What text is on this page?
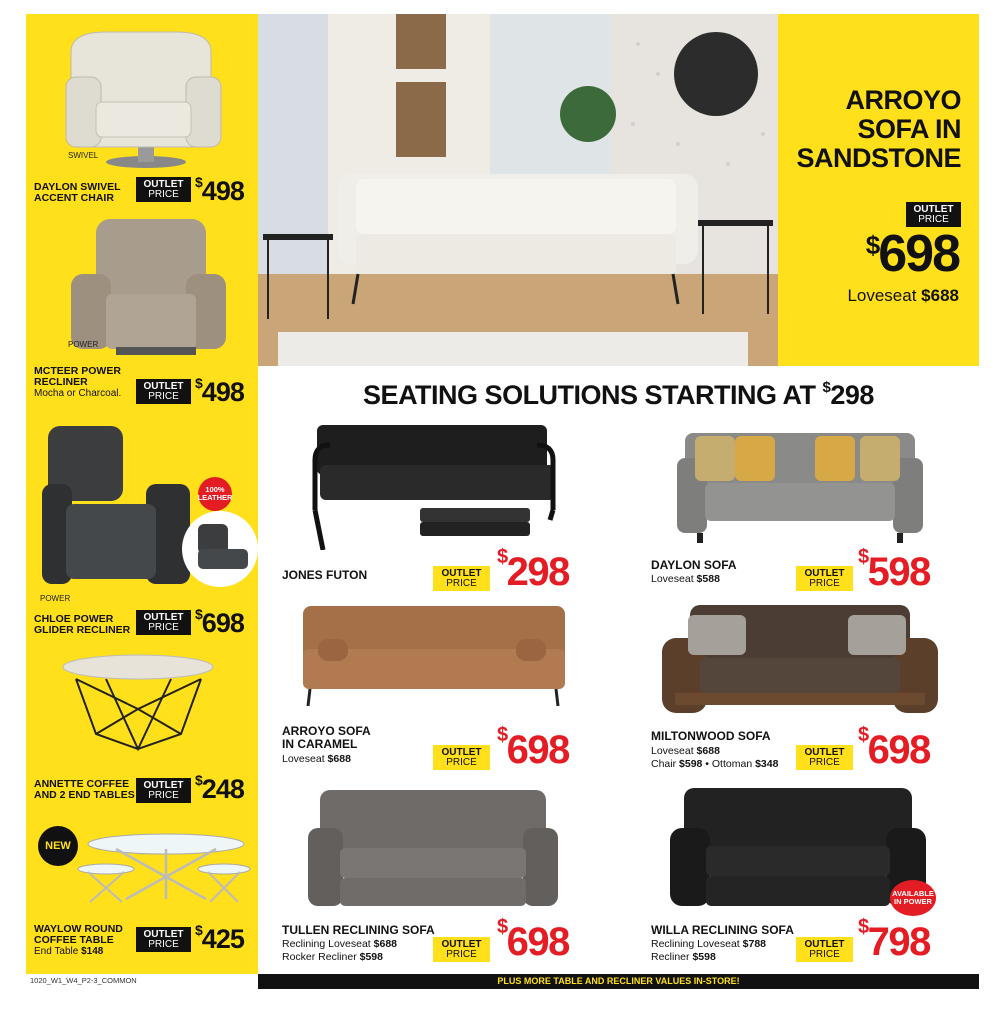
SWIVEL
DAYLON SWIVEL ACCENT CHAIR
OUTLET
PRICE
$498
POWER
MCTEER POWER RECLINER
Mocha or Charcoal.
OUTLET
PRICE
$498
100% LEATHER
POWER
CHLOE POWER GLIDER RECLINER
OUTLET
PRICE
$698
ANNETTE COFFEE AND 2 END TABLES
OUTLET
PRICE
$248
NEW
WAYLOW ROUND COFFEE TABLE
End Table $148
OUTLET
PRICE
$425
ARROYO
SOFA IN
SANDSTONE
OUTLET
PRICE
$698
Loveseat $688
SEATING SOLUTIONS STARTING AT $298
JONES FUTON	OUTLET
PRICE
$298	DAYLON SOFA
Loveseat $588	OUTLET
PRICE
$598
ARROYO SOFA
IN CARAMEL
Loveseat $688
OUTLET
PRICE
$698	MILTONWOOD SOFA
Loveseat $688
Chair $598 • Ottoman $348
OUTLET
PRICE
$698
TULLEN RECLINING SOFA
Reclining Loveseat $688
Rocker Recliner $598
OUTLET
PRICE
$698
AVAILABLE IN POWER
WILLA RECLINING SOFA
Reclining Loveseat $788
Recliner $598
OUTLET
PRICE
$798
1020_W1_W4_P2-3_COMMON	PLUS MORE TABLE AND RECLINER VALUES IN-STORE!
